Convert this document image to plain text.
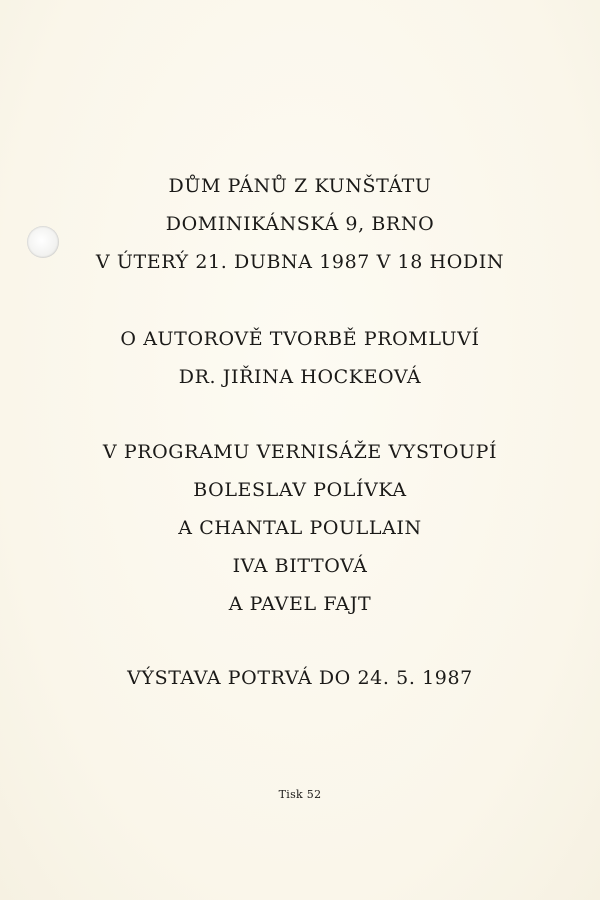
DŮM PÁNŮ Z KUNŠTÁTU
DOMINIKÁNSKÁ 9, BRNO
V ÚTERÝ 21. DUBNA 1987 V 18 HODIN
O AUTOROVĚ TVORBĚ PROMLUVÍ
DR. JIŘINA HOCKEOVÁ
V PROGRAMU VERNISÁŽE VYSTOUPÍ
BOLESLAV POLÍVKA
A CHANTAL POULLAIN
IVA BITTOVÁ
A PAVEL FAJT
VÝSTAVA POTRVÁ DO 24. 5. 1987
Tisk 52
